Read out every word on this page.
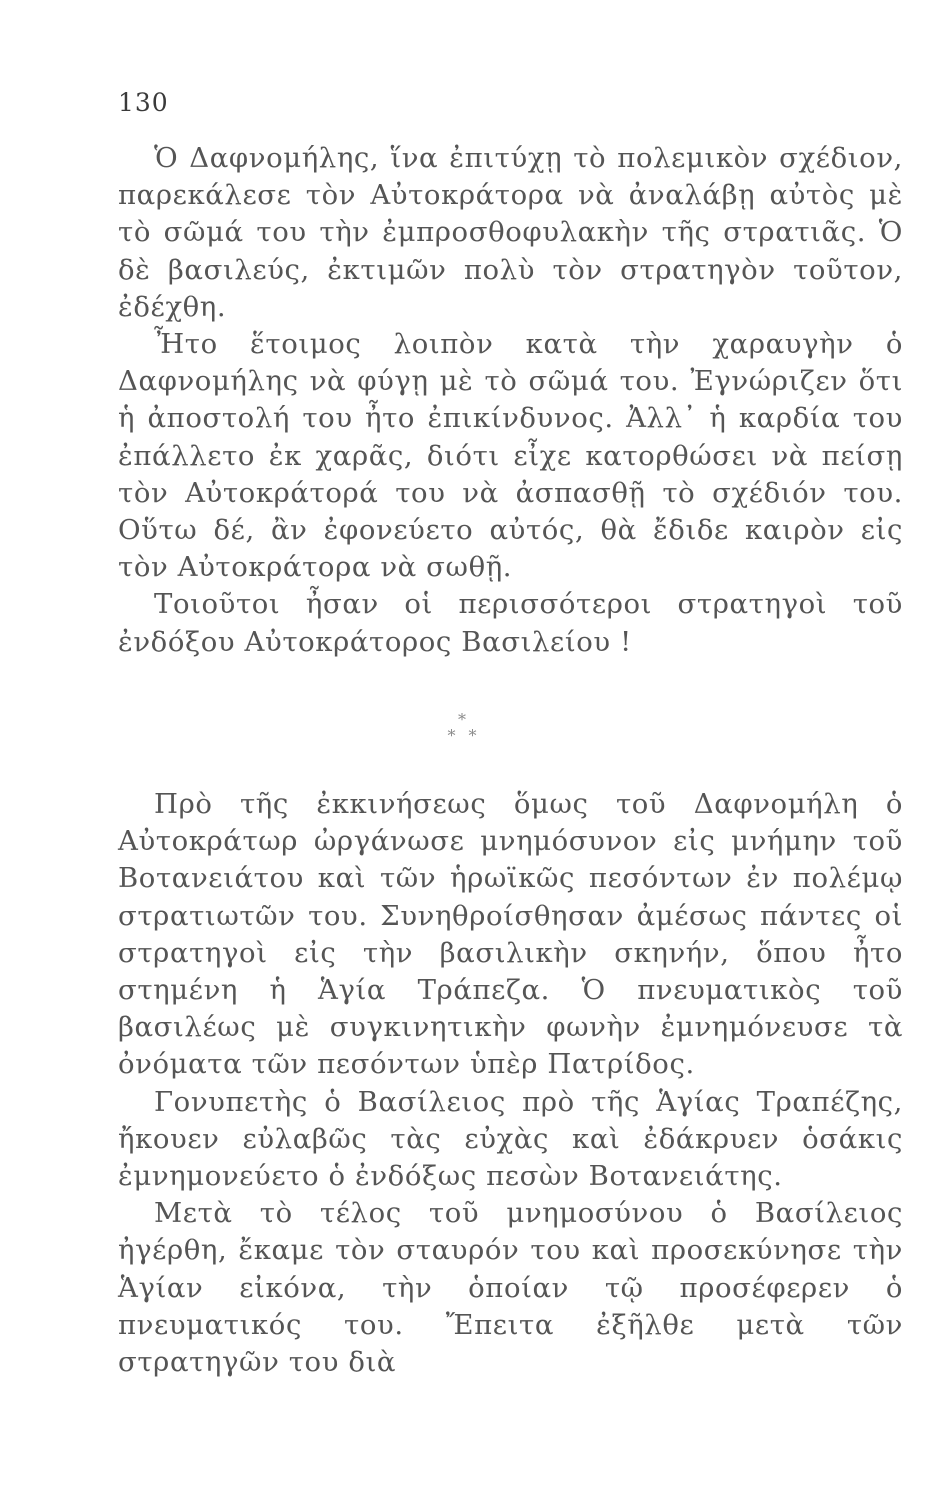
130

Ὁ Δαφνομήλης, ἵνα ἐπιτύχῃ τὸ πολεμικὸν σχέδιον, παρεκάλεσε τὸν Αὐτοκράτορα νὰ ἀναλάβῃ αὐτὸς μὲ τὸ σῶμά του τὴν ἐμπροσθοφυλακὴν τῆς στρατιᾶς. Ὁ δὲ βασιλεύς, ἐκτιμῶν πολὺ τὸν στρατηγὸν τοῦτον, ἐδέχθη.

Ἦτο ἕτοιμος λοιπὸν κατὰ τὴν χαραυγὴν ὁ Δαφνομήλης νὰ φύγῃ μὲ τὸ σῶμά του. Ἐγνώριζεν ὅτι ἡ ἀποστολή του ἦτο ἐπικίνδυνος. Ἀλλ᾽ ἡ καρδία του ἐπάλλετο ἐκ χαρᾶς, διότι εἶχε κατορθώσει νὰ πείσῃ τὸν Αὐτοκράτορά του νὰ ἀσπασθῇ τὸ σχέδιόν του. Οὕτω δέ, ἂν ἐφονεύετο αὐτός, θὰ ἔδιδε καιρὸν εἰς τὸν Αὐτοκράτορα νὰ σωθῇ.

Τοιοῦτοι ἦσαν οἱ περισσότεροι στρατηγοὶ τοῦ ἐνδόξου Αὐτοκράτορος Βασιλείου !

*
* *

Πρὸ τῆς ἐκκινήσεως ὅμως τοῦ Δαφνομήλη ὁ Αὐτοκράτωρ ὠργάνωσε μνημόσυνον εἰς μνήμην τοῦ Βοτανειάτου καὶ τῶν ἡρωϊκῶς πεσόντων ἐν πολέμῳ στρατιωτῶν του. Συνηθροίσθησαν ἀμέσως πάντες οἱ στρατηγοὶ εἰς τὴν βασιλικὴν σκηνήν, ὅπου ἦτο στημένη ἡ Ἁγία Τράπεζα. Ὁ πνευματικὸς τοῦ βασιλέως μὲ συγκινητικὴν φωνὴν ἐμνημόνευσε τὰ ὀνόματα τῶν πεσόντων ὑπὲρ Πατρίδος.

Γονυπετὴς ὁ Βασίλειος πρὸ τῆς Ἁγίας Τραπέζης, ἤκουεν εὐλαβῶς τὰς εὐχὰς καὶ ἐδάκρυεν ὁσάκις ἐμνημονεύετο ὁ ἐνδόξως πεσὼν Βοτανειάτης.

Μετὰ τὸ τέλος τοῦ μνημοσύνου ὁ Βασίλειος ἠγέρθη, ἔκαμε τὸν σταυρόν του καὶ προσεκύνησε τὴν Ἁγίαν εἰκόνα, τὴν ὁποίαν τῷ προσέφερεν ὁ πνευματικός του. Ἔπειτα ἐξῆλθε μετὰ τῶν στρατηγῶν του διὰ
